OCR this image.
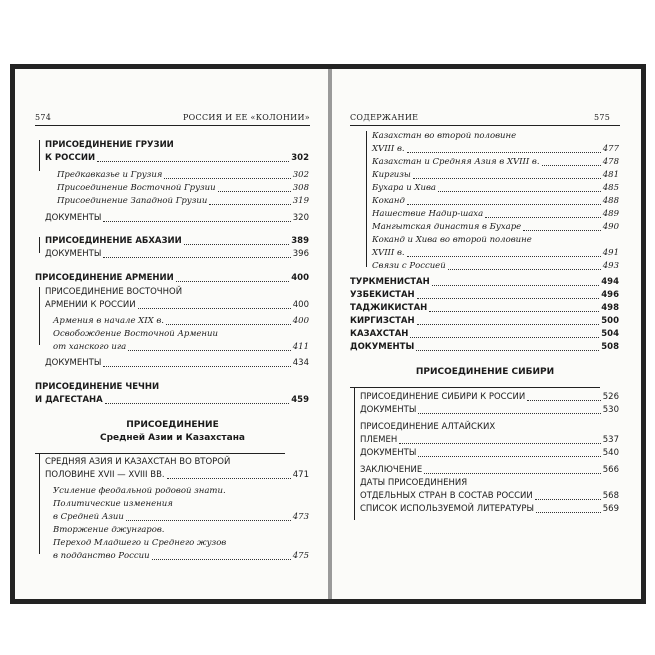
574	РОССИЯ И ЕЕ «КОЛОНИИ»
ПРИСОЕДИНЕНИЕ ГРУЗИИ
К РОССИИ	302
Предкавказье и Грузия	302
Присоединение Восточной Грузии	308
Присоединение Западной Грузии	319
ДОКУМЕНТЫ	320
ПРИСОЕДИНЕНИЕ АБХАЗИИ	389
ДОКУМЕНТЫ	396
ПРИСОЕДИНЕНИЕ АРМЕНИИ	400
ПРИСОЕДИНЕНИЕ ВОСТОЧНОЙ
АРМЕНИИ К РОССИИ	400
Армения в начале XIX в.	400
Освобождение Восточной Армении
от ханского ига	411
ДОКУМЕНТЫ	434
ПРИСОЕДИНЕНИЕ ЧЕЧНИ
И ДАГЕСТАНА	459
ПРИСОЕДИНЕНИЕ
Средней Азии и Казахстана
СРЕДНЯЯ АЗИЯ И КАЗАХСТАН ВО ВТОРОЙ
ПОЛОВИНЕ XVII — XVIII ВВ.	471
Усиление феодальной родовой знати.
Политические изменения
в Средней Азии	473
Вторжение джунгаров.
Переход Младшего и Среднего жузов
в подданство России	475
СОДЕРЖАНИЕ	575
Казахстан во второй половине
XVIII в.	477
Казахстан и Средняя Азия в XVIII в.	478
Киргизы	481
Бухара и Хива	485
Коканд	488
Нашествие Надир-шаха	489
Мангытская династия в Бухаре	490
Коканд и Хива во второй половине
XVIII в.	491
Связи с Россией	493
ТУРКМЕНИСТАН	494
УЗБЕКИСТАН	496
ТАДЖИКИСТАН	498
КИРГИЗСТАН	500
КАЗАХСТАН	504
ДОКУМЕНТЫ	508
ПРИСОЕДИНЕНИЕ СИБИРИ
ПРИСОЕДИНЕНИЕ СИБИРИ К РОССИИ	526
ДОКУМЕНТЫ	530
ПРИСОЕДИНЕНИЕ АЛТАЙСКИХ
ПЛЕМЕН	537
ДОКУМЕНТЫ	540
ЗАКЛЮЧЕНИЕ	566
ДАТЫ ПРИСОЕДИНЕНИЯ
ОТДЕЛЬНЫХ СТРАН В СОСТАВ РОССИИ	568
СПИСОК ИСПОЛЬЗУЕМОЙ ЛИТЕРАТУРЫ	569
